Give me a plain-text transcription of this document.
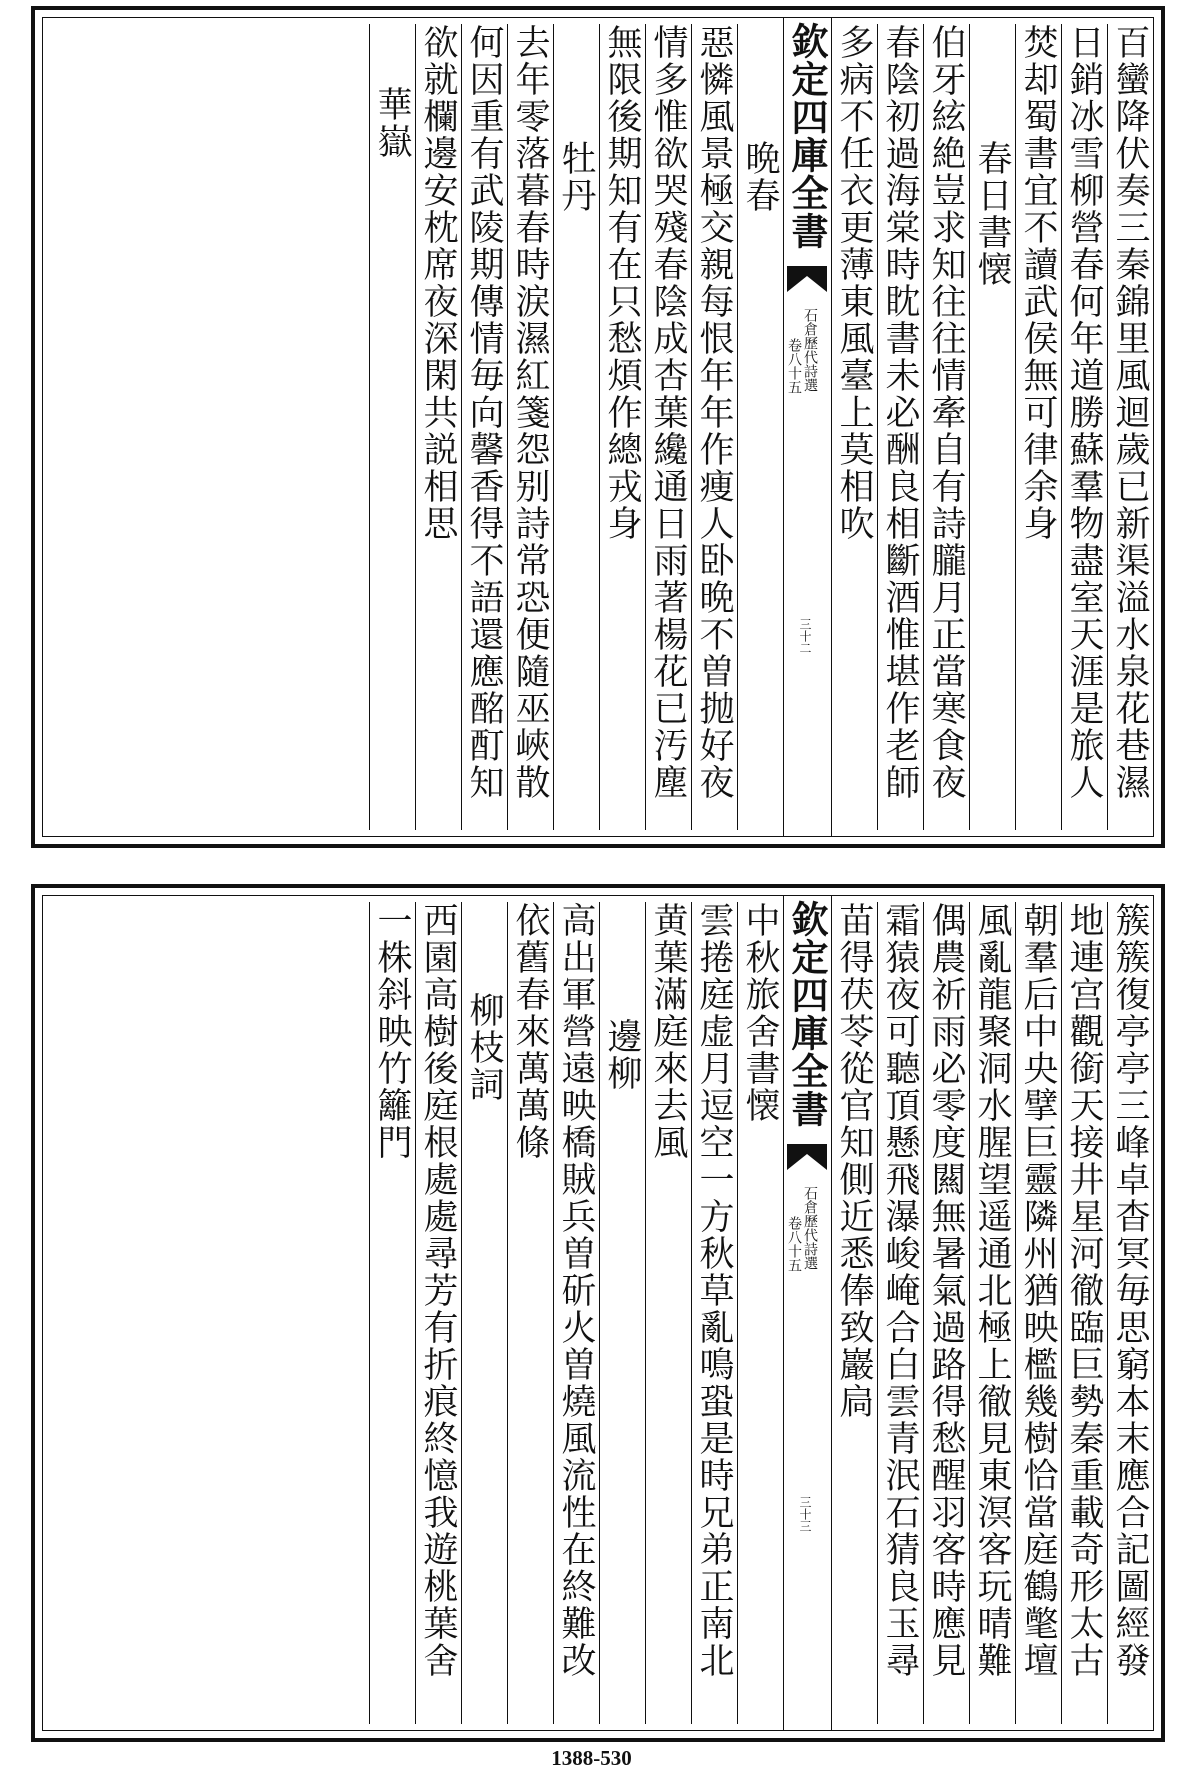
百蠻降伏奏三秦錦里風迴歲已新渠溢水泉花巷濕
日銷冰雪柳營春何年道勝蘇羣物盡室天涯是旅人
焚却蜀書宜不讀武侯無可律余身
春日書懐
伯牙絃絶豈求知往往情牽自有詩朧月正當寒食夜
春陰初過海棠時眈書未必酬良相斷酒惟堪作老師
多病不任衣更薄東風臺上莫相吹
晩春
惡憐風景極交親每恨年年作痩人卧晩不曽抛好夜
情多惟欲哭殘春陰成杏葉纔通日雨著楊花已汚塵
無限後期知有在只愁煩作總戎身
牡丹
去年零落暮春時涙濕紅箋怨别詩常恐便隨巫峽散
何因重有武陵期傳情毎向馨香得不語還應酩酊知
欲就欄邊安枕席夜深閑共説相思
華嶽	欽定四庫全書
石倉歷代詩選
卷八十五
三十二
簇簇復亭亭三峰卓杳冥毎思窮本末應合記圖經發
地連宫觀銜天接井星河徹臨巨勢秦重載奇形太古
朝羣后中央擘巨靈隣州猶映檻幾樹恰當庭鶴氅壇
風亂龍聚洞水腥望遥通北極上徹見東溟客玩晴難
偶農祈雨必零度闗無暑氣過路得愁醒羽客時應見
霜猿夜可聽頂懸飛瀑峻崦合白雲青泯石猜良玉尋
苗得茯苓從官知側近悉俸致巖扃
中秋旅舍書懐
雲捲庭虚月逗空一方秋草亂鳴蛩是時兄弟正南北
黄葉滿庭來去風
邊柳
高出軍營遠映橋賊兵曽斫火曽燒風流性在終難改
依舊春來萬萬條
柳枝詞
西園高樹後庭根處處尋芳有折痕終憶我遊桃葉舍
一株斜映竹籬門	欽定四庫全書
石倉歷代詩選
卷八十五
三十三
1388-530
